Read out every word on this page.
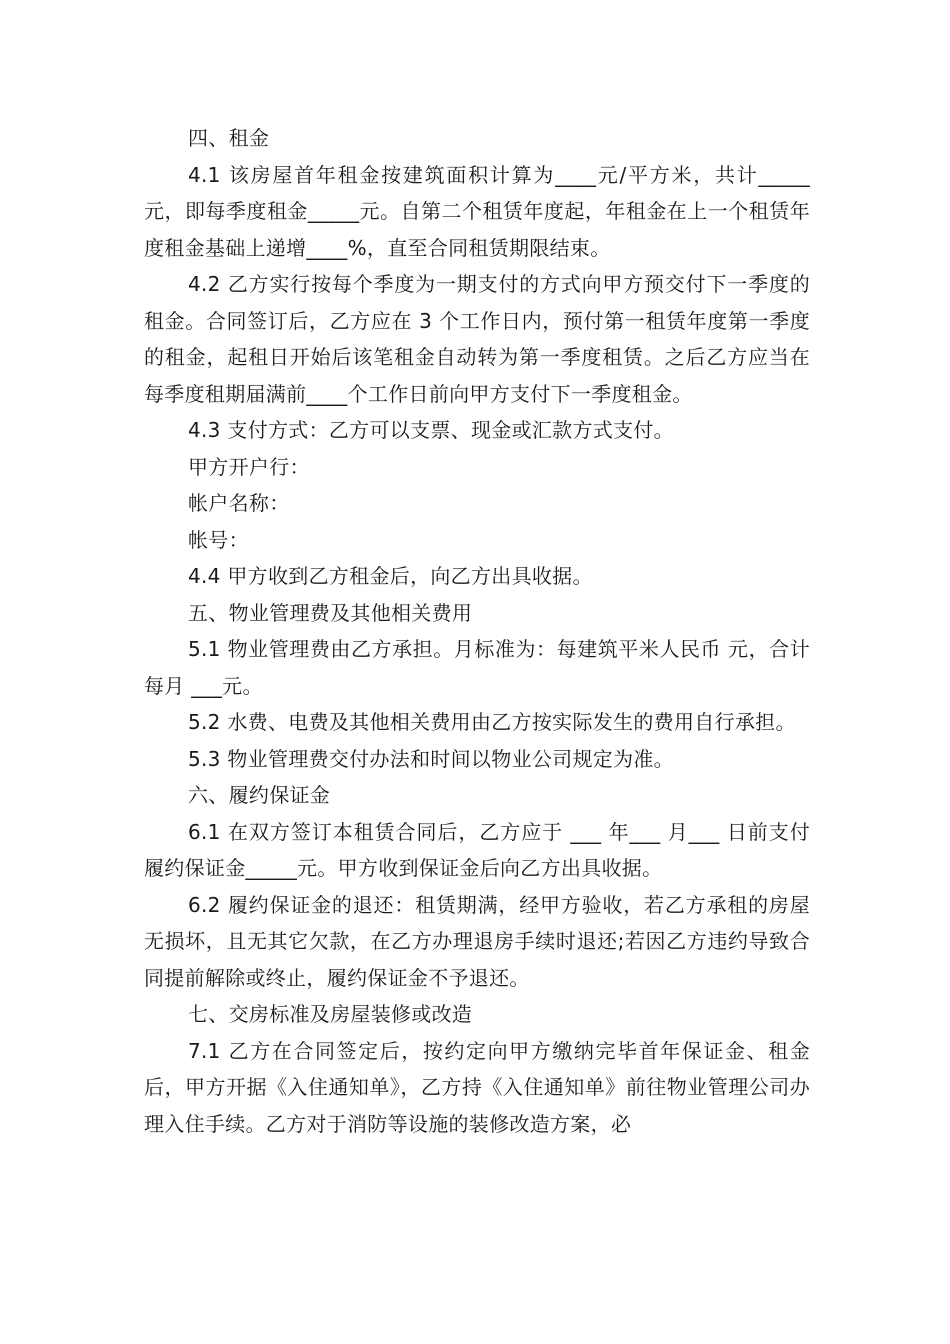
四、租金

4.1 该房屋首年租金按建筑面积计算为____元/平方米，共计_____元，即每季度租金_____元。自第二个租赁年度起，年租金在上一个租赁年度租金基础上递增____%，直至合同租赁期限结束。

4.2 乙方实行按每个季度为一期支付的方式向甲方预交付下一季度的租金。合同签订后，乙方应在 3 个工作日内，预付第一租赁年度第一季度的租金，起租日开始后该笔租金自动转为第一季度租赁。之后乙方应当在每季度租期届满前____个工作日前向甲方支付下一季度租金。

4.3 支付方式：乙方可以支票、现金或汇款方式支付。

甲方开户行：

帐户名称：

帐号：

4.4 甲方收到乙方租金后，向乙方出具收据。

五、物业管理费及其他相关费用

5.1 物业管理费由乙方承担。月标准为：每建筑平米人民币 元，合计每月 ___元。

5.2 水费、电费及其他相关费用由乙方按实际发生的费用自行承担。

5.3 物业管理费交付办法和时间以物业公司规定为准。

六、履约保证金

6.1 在双方签订本租赁合同后，乙方应于 ___ 年___ 月___ 日前支付履约保证金_____元。甲方收到保证金后向乙方出具收据。

6.2 履约保证金的退还：租赁期满，经甲方验收，若乙方承租的房屋无损坏，且无其它欠款，在乙方办理退房手续时退还;若因乙方违约导致合同提前解除或终止，履约保证金不予退还。

七、交房标准及房屋装修或改造

7.1 乙方在合同签定后，按约定向甲方缴纳完毕首年保证金、租金后，甲方开据《入住通知单》，乙方持《入住通知单》前往物业管理公司办理入住手续。乙方对于消防等设施的装修改造方案，必
